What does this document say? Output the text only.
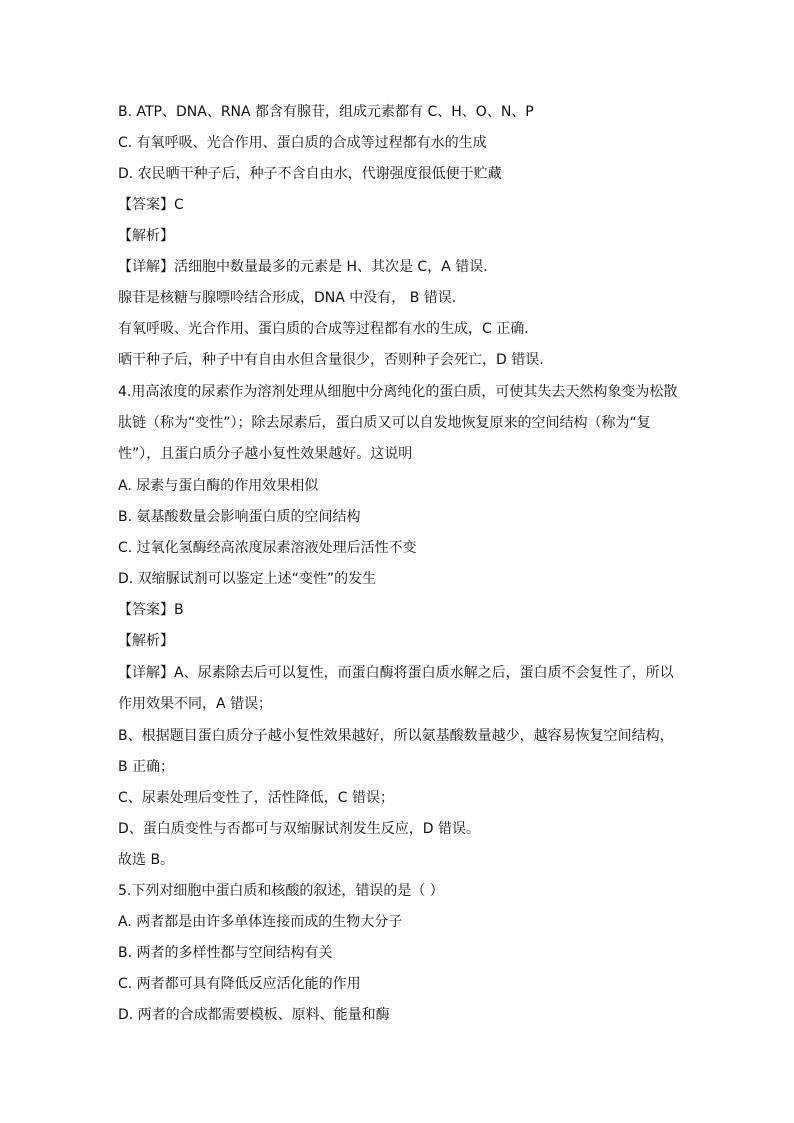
B. ATP、DNA、RNA 都含有腺苷，组成元素都有 C、H、O、N、P
C. 有氧呼吸、光合作用、蛋白质的合成等过程都有水的生成
D. 农民晒干种子后，种子不含自由水，代谢强度很低便于贮藏
【答案】C
【解析】
【详解】活细胞中数量最多的元素是 H、其次是 C，A 错误.
腺苷是核糖与腺嘌呤结合形成，DNA 中没有， B 错误.
有氧呼吸、光合作用、蛋白质的合成等过程都有水的生成，C 正确.
晒干种子后，种子中有自由水但含量很少，否则种子会死亡，D 错误.
4.用高浓度的尿素作为溶剂处理从细胞中分离纯化的蛋白质，可使其失去天然构象变为松散
肽链（称为“变性”）；除去尿素后，蛋白质又可以自发地恢复原来的空间结构（称为“复
性”），且蛋白质分子越小复性效果越好。这说明
A. 尿素与蛋白酶的作用效果相似
B. 氨基酸数量会影响蛋白质的空间结构
C. 过氧化氢酶经高浓度尿素溶液处理后活性不变
D. 双缩脲试剂可以鉴定上述“变性”的发生
【答案】B
【解析】
【详解】A、尿素除去后可以复性，而蛋白酶将蛋白质水解之后，蛋白质不会复性了，所以
作用效果不同，A 错误；
B、根据题目蛋白质分子越小复性效果越好，所以氨基酸数量越少，越容易恢复空间结构，
B 正确；
C、尿素处理后变性了，活性降低，C 错误；
D、蛋白质变性与否都可与双缩脲试剂发生反应，D 错误。
故选 B。
5.下列对细胞中蛋白质和核酸的叙述，错误的是（ ）
A. 两者都是由许多单体连接而成的生物大分子
B. 两者的多样性都与空间结构有关
C. 两者都可具有降低反应活化能的作用
D. 两者的合成都需要模板、原料、能量和酶
